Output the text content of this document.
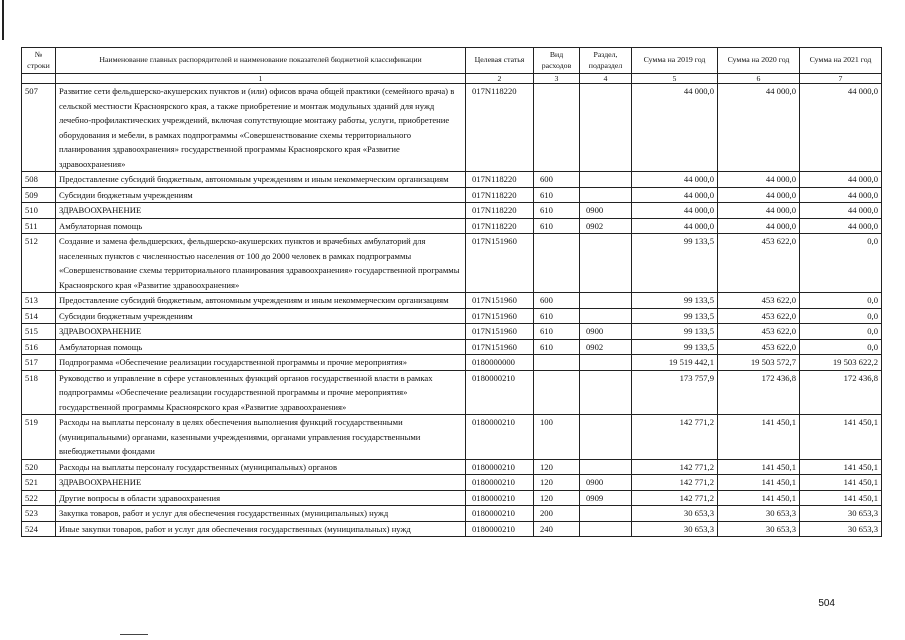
№ строки	Наименование главных распорядителей и наименование показателей бюджетной классификации	Целевая статья	Вид расходов	Раздел, подраздел	Сумма на 2019 год	Сумма на 2020 год	Сумма на 2021 год
	1	2	3	4	5	6	7
507	Развитие сети фельдшерско-акушерских пунктов и (или) офисов врача общей практики (семейного врача) в сельской местности Красноярского края, а также приобретение и монтаж модульных зданий для нужд лечебно-профилактических учреждений, включая сопутствующие монтажу работы, услуги, приобретение оборудования и мебели, в рамках подпрограммы «Совершенствование схемы территориального планирования здравоохранения» государственной программы Красноярского края «Развитие здравоохранения»	017N118220			44 000,0	44 000,0	44 000,0
508	Предоставление субсидий бюджетным, автономным учреждениям и иным некоммерческим организациям	017N118220	600		44 000,0	44 000,0	44 000,0
509	Субсидии бюджетным учреждениям	017N118220	610		44 000,0	44 000,0	44 000,0
510	ЗДРАВООХРАНЕНИЕ	017N118220	610	0900	44 000,0	44 000,0	44 000,0
511	Амбулаторная помощь	017N118220	610	0902	44 000,0	44 000,0	44 000,0
512	Создание и замена фельдшерских, фельдшерско-акушерских пунктов и врачебных амбулаторий для населенных пунктов с численностью населения от 100 до 2000 человек в рамках подпрограммы «Совершенствование схемы территориального планирования здравоохранения» государственной программы Красноярского края «Развитие здравоохранения»	017N151960			99 133,5	453 622,0	0,0
513	Предоставление субсидий бюджетным, автономным учреждениям и иным некоммерческим организациям	017N151960	600		99 133,5	453 622,0	0,0
514	Субсидии бюджетным учреждениям	017N151960	610		99 133,5	453 622,0	0,0
515	ЗДРАВООХРАНЕНИЕ	017N151960	610	0900	99 133,5	453 622,0	0,0
516	Амбулаторная помощь	017N151960	610	0902	99 133,5	453 622,0	0,0
517	Подпрограмма «Обеспечение реализации государственной программы и прочие мероприятия»	0180000000			19 519 442,1	19 503 572,7	19 503 622,2
518	Руководство и управление в сфере установленных функций органов государственной власти в рамках подпрограммы «Обеспечение реализации государственной программы и прочие мероприятия» государственной программы Красноярского края «Развитие здравоохранения»	0180000210			173 757,9	172 436,8	172 436,8
519	Расходы на выплаты персоналу в целях обеспечения выполнения функций государственными (муниципальными) органами, казенными учреждениями, органами управления государственными внебюджетными фондами	0180000210	100		142 771,2	141 450,1	141 450,1
520	Расходы на выплаты персоналу государственных (муниципальных) органов	0180000210	120		142 771,2	141 450,1	141 450,1
521	ЗДРАВООХРАНЕНИЕ	0180000210	120	0900	142 771,2	141 450,1	141 450,1
522	Другие вопросы в области здравоохранения	0180000210	120	0909	142 771,2	141 450,1	141 450,1
523	Закупка товаров, работ и услуг для обеспечения государственных (муниципальных) нужд	0180000210	200		30 653,3	30 653,3	30 653,3
524	Иные закупки товаров, работ и услуг для обеспечения государственных (муниципальных) нужд	0180000210	240		30 653,3	30 653,3	30 653,3
504
